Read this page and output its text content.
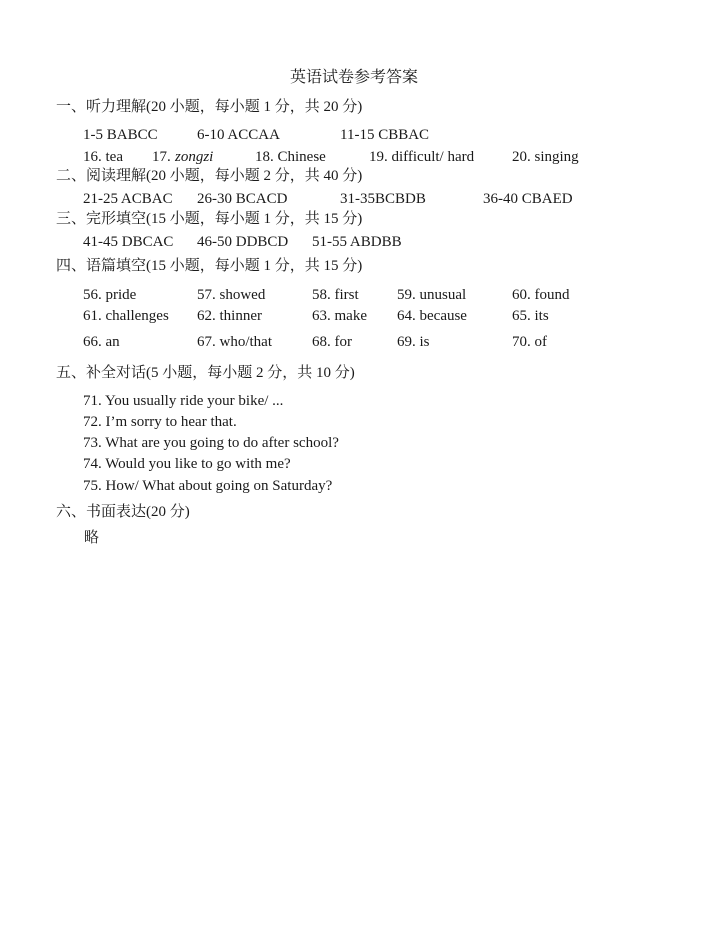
英语试卷参考答案
一、听力理解(20 小题，每小题 1 分，共 20 分)
1-5 BABCC	6-10 ACCAA	11-15 CBBAC
16. tea 17. zongzi	18. Chinese	19. difficult/ hard	20. singing
二、阅读理解(20 小题，每小题 2 分，共 40 分)
21-25 ACBAC 26-30 BCACD	31-35BCBDB	36-40 CBAED
三、完形填空(15 小题，每小题 1 分，共 15 分)
41-45 DBCAC 46-50 DDBCD 51-55 ABDBB
四、语篇填空(15 小题，每小题 1 分，共 15 分)
56. pride	57. showed	58. first	59. unusual	60. found
61. challenges 62. thinner	63. make 64. because	65. its
66. an	67. who/that	68. for	69. is	70. of
五、补全对话(5 小题，每小题 2 分，共 10 分)
71. You usually ride your bike/ ...
72. I’m sorry to hear that.
73. What are you going to do after school?
74. Would you like to go with me?
75. How/ What about going on Saturday?
六、书面表达(20 分)
略
